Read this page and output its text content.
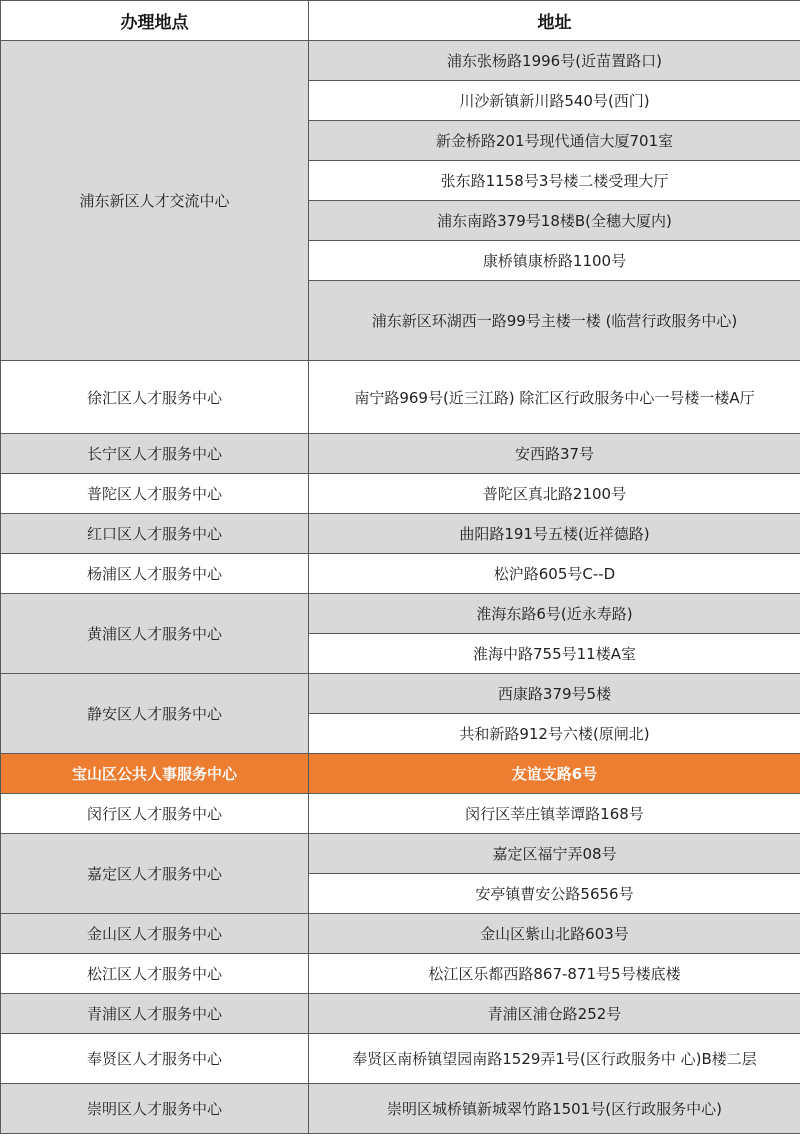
办理地点	地址
浦东新区人才交流中心	浦东张杨路1996号(近苗置路口)
	川沙新镇新川路540号(西门)
	新金桥路201号现代通信大厦701室
	张东路1158号3号楼二楼受理大厅
	浦东南路379号18楼B(全穗大厦内)
	康桥镇康桥路1100号
	浦东新区环湖西一路99号主楼一楼 (临营行政服务中心)
徐汇区人才服务中心	南宁路969号(近三江路) 除汇区行政服务中心一号楼一楼A厅
长宁区人才服务中心	安西路37号
普陀区人才服务中心	普陀区真北路2100号
红口区人才服务中心	曲阳路191号五楼(近祥德路)
杨浦区人才服务中心	松沪路605号C--D
黄浦区人才服务中心	淮海东路6号(近永寿路)
	淮海中路755号11楼A室
静安区人才服务中心	西康路379号5楼
	共和新路912号六楼(原闸北)
宝山区公共人事服务中心	友谊支路6号
闵行区人才服务中心	闵行区莘庄镇莘谭路168号
嘉定区人才服务中心	嘉定区福宁弄08号
	安亭镇曹安公路5656号
金山区人才服务中心	金山区紫山北路603号
松江区人才服务中心	松江区乐都西路867-871号5号楼底楼
青浦区人才服务中心	青浦区浦仓路252号
奉贤区人才服务中心	奉贤区南桥镇望园南路1529弄1号(区行政服务中 心)B楼二层
崇明区人才服务中心	崇明区城桥镇新城翠竹路1501号(区行政服务中心)
